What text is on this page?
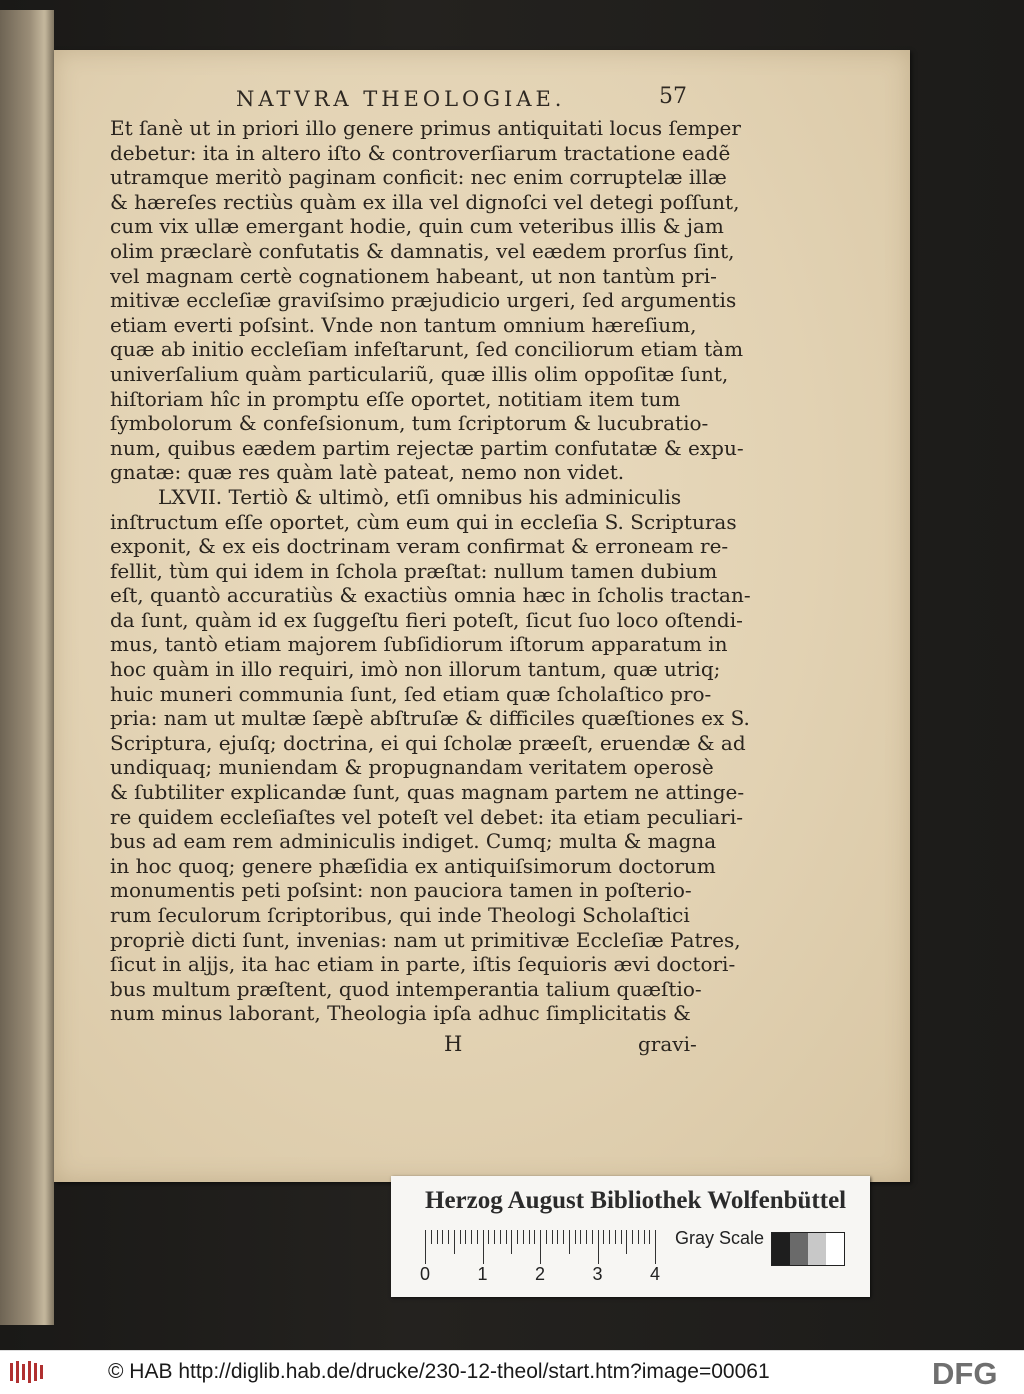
NATVRA THEOLOGIAE.	57
Et ſanè ut in priori illo genere primus antiquitati locus ſemper
debetur: ita in altero iſto & controverſiarum tractatione eadẽ
utramque meritò paginam conficit: nec enim corruptelæ illæ
& hæreſes rectiùs quàm ex illa vel dignoſci vel detegi poſſunt,
cum vix ullæ emergant hodie, quin cum veteribus illis & jam
olim præclarè confutatis & damnatis, vel eædem prorſus ſint,
vel magnam certè cognationem habeant, ut non tantùm pri-
mitivæ eccleſiæ graviſsimo præjudicio urgeri, ſed argumentis
etiam everti poſsint. Vnde non tantum omnium hæreſium,
quæ ab initio eccleſiam infeſtarunt, ſed conciliorum etiam tàm
univerſalium quàm particulariũ, quæ illis olim oppoſitæ ſunt,
hiſtoriam hîc in promptu eſſe oportet, notitiam item tum
ſymbolorum & confeſsionum, tum ſcriptorum & lucubratio-
num, quibus eædem partim rejectæ partim confutatæ & expu-
gnatæ: quæ res quàm latè pateat, nemo non videt.
LXVII. Tertiò & ultimò, etſi omnibus his adminiculis
inſtructum eſſe oportet, cùm eum qui in eccleſia S. Scripturas
exponit, & ex eis doctrinam veram confirmat & erroneam re-
fellit, tùm qui idem in ſchola præſtat: nullum tamen dubium
eſt, quantò accuratiùs & exactiùs omnia hæc in ſcholis tractan-
da ſunt, quàm id ex ſuggeſtu fieri poteſt, ſicut ſuo loco oſtendi-
mus, tantò etiam majorem ſubſidiorum iſtorum apparatum in
hoc quàm in illo requiri, imò non illorum tantum, quæ utriq;
huic muneri communia ſunt, ſed etiam quæ ſcholaſtico pro-
pria: nam ut multæ ſæpè abſtruſæ & difficiles quæſtiones ex S.
Scriptura, ejuſq; doctrina, ei qui ſcholæ præeſt, eruendæ & ad
undiquaq; muniendam & propugnandam veritatem operosè
& ſubtiliter explicandæ ſunt, quas magnam partem ne attinge-
re quidem eccleſiaſtes vel poteſt vel debet: ita etiam peculiari-
bus ad eam rem adminiculis indiget. Cumq; multa & magna
in hoc quoq; genere phæſidia ex antiquiſsimorum doctorum
monumentis peti poſsint: non pauciora tamen in poſterio-
rum ſeculorum ſcriptoribus, qui inde Theologi Scholaſtici
propriè dicti ſunt, invenias: nam ut primitivæ Eccleſiæ Patres,
ſicut in aljjs, ita hac etiam in parte, iſtis ſequioris ævi doctori-
bus multum præſtent, quod intemperantia talium quæſtio-
num minus laborant, Theologia ipſa adhuc ſimplicitatis &
H	gravi-
Herzog August Bibliothek Wolfenbüttel
0	1	2	3	4
Gray Scale
© HAB http://diglib.hab.de/drucke/230-12-theol/start.htm?image=00061	DFG
